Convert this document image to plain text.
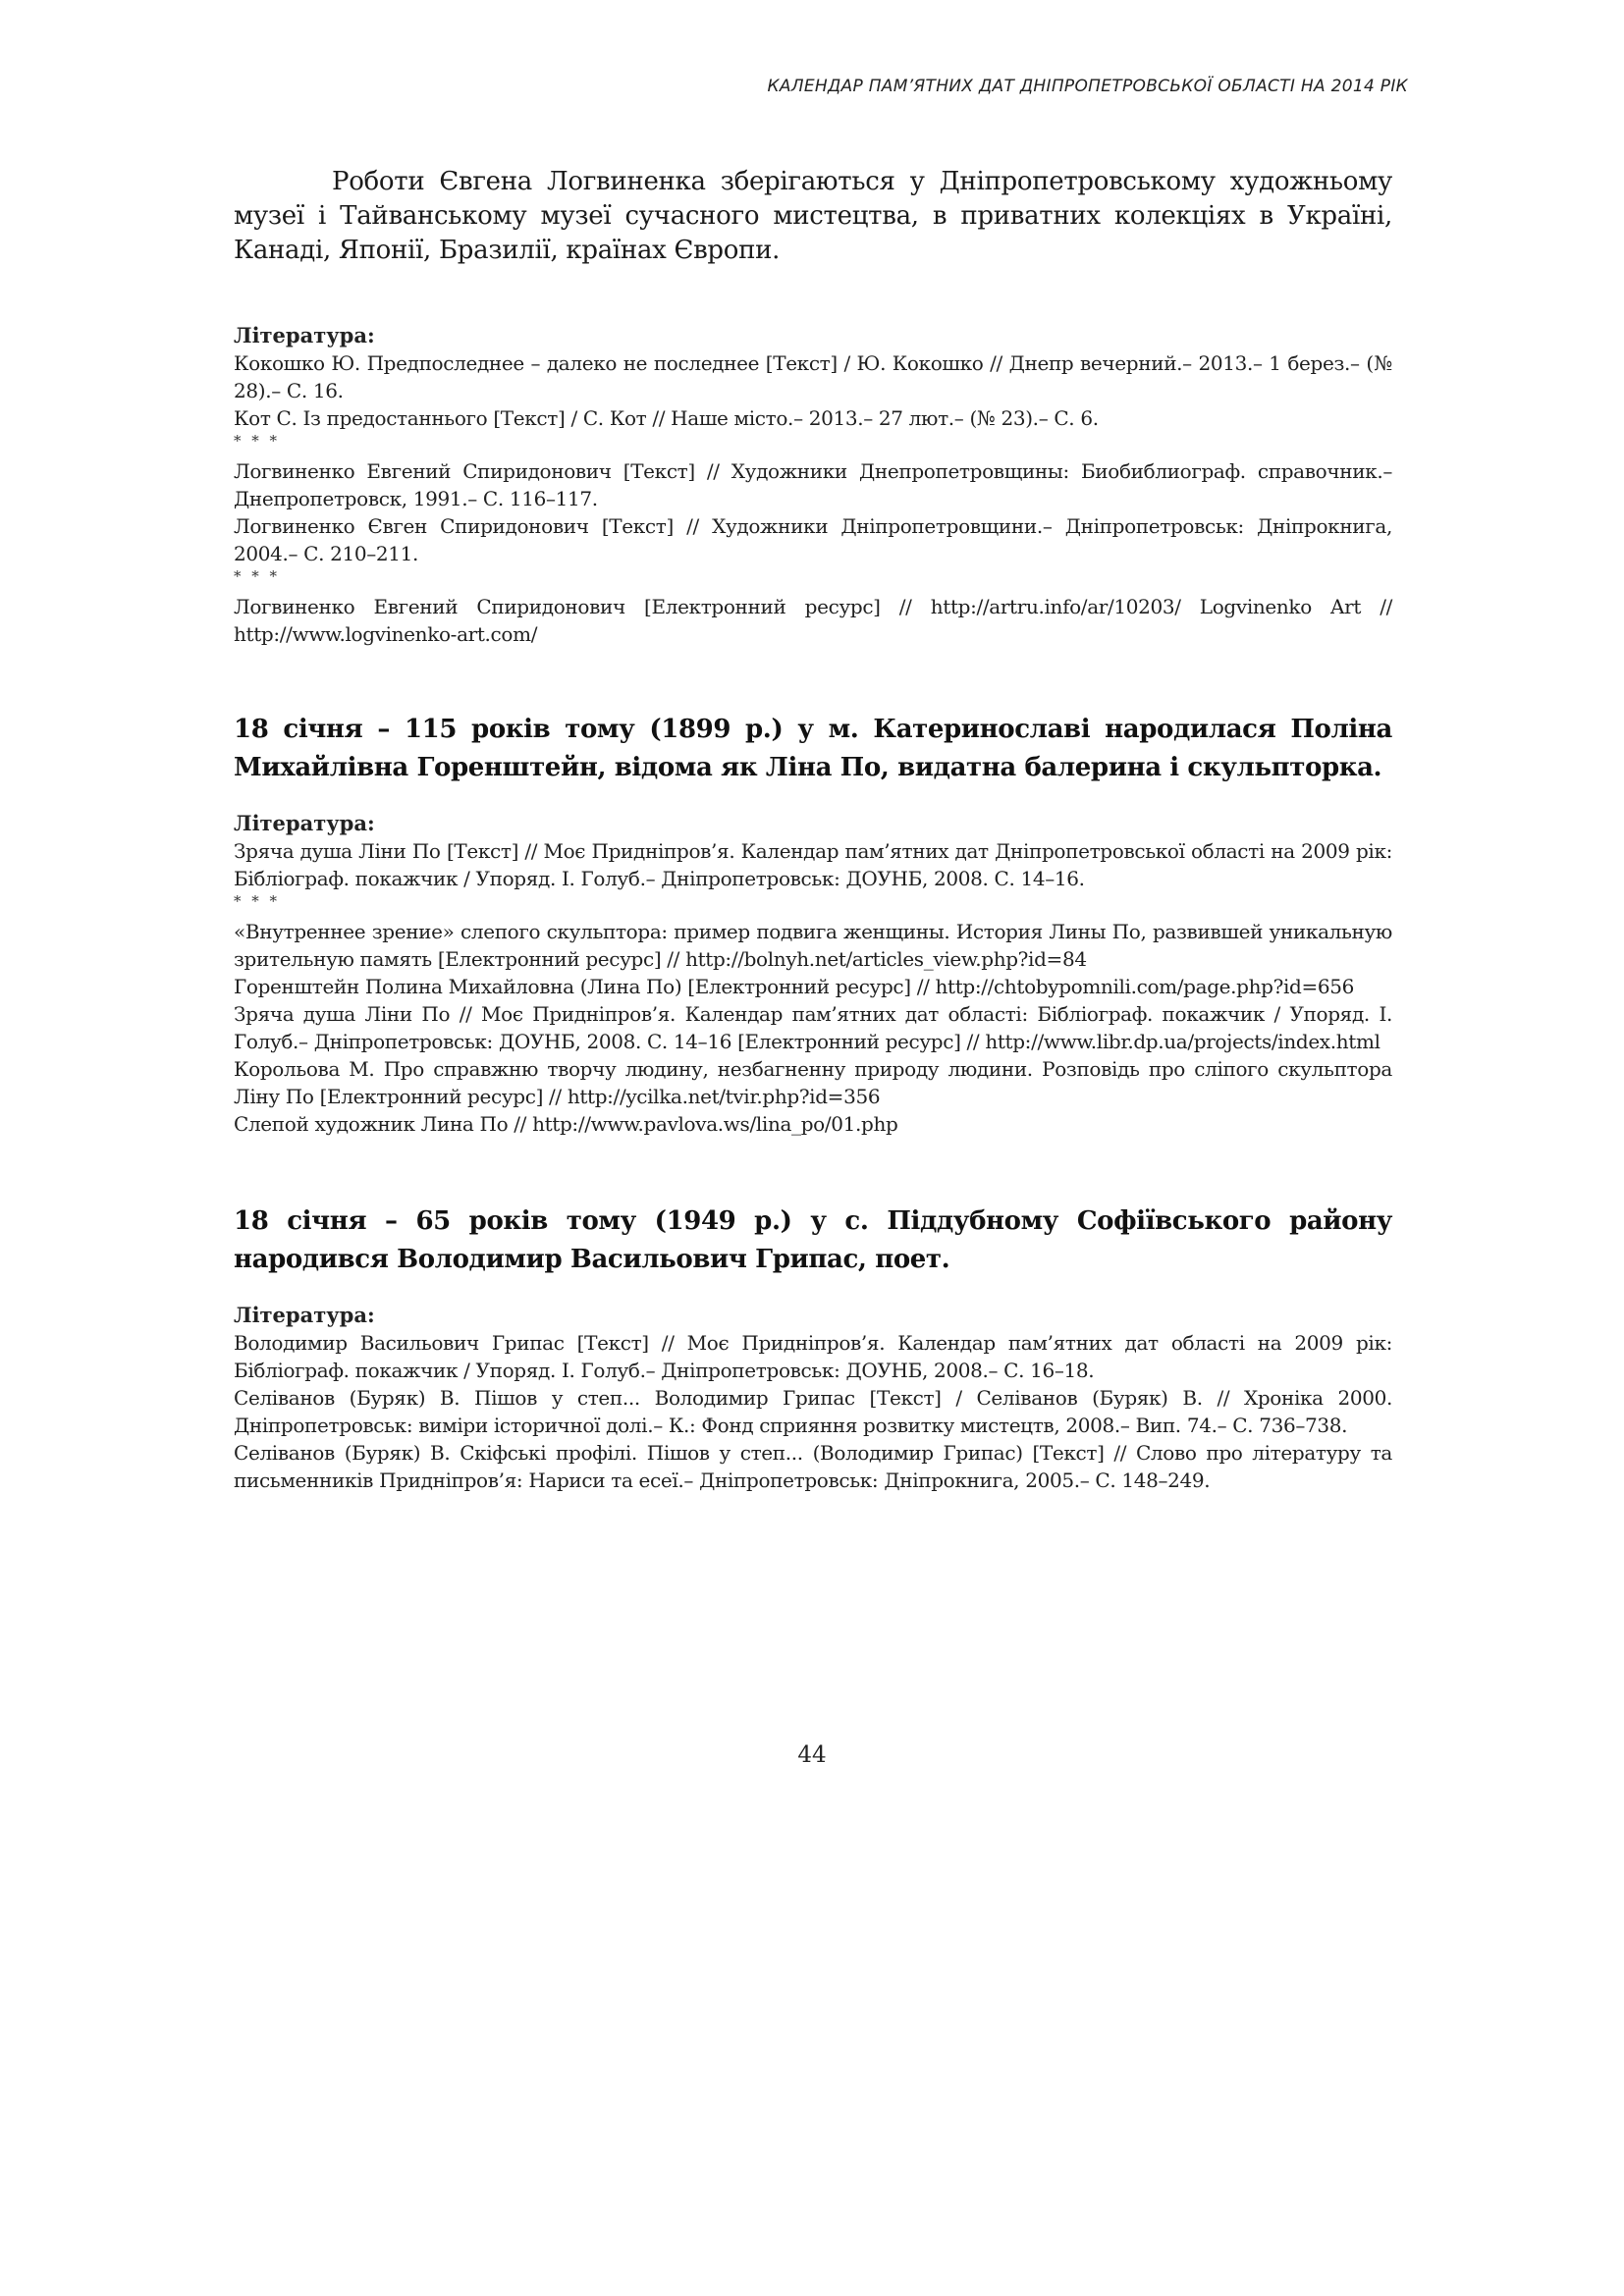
КАЛЕНДАР ПАМ’ЯТНИХ ДАТ ДНІПРОПЕТРОВСЬКОЇ ОБЛАСТІ НА 2014 РІК

Роботи Євгена Логвиненка зберігаються у Дніпропетровському художньому музеї і Тайванському музеї сучасного мистецтва, в приватних колекціях в Україні, Канаді, Японії, Бразилії, країнах Європи.

Література:

Кокошко Ю. Предпоследнее – далеко не последнее [Текст] / Ю. Кокошко // Днепр вечерний.– 2013.– 1 берез.– (№ 28).– С. 16.

Кот С. Із предостаннього [Текст] / С. Кот // Наше місто.– 2013.– 27 лют.– (№ 23).– С. 6.

* * *

Логвиненко Евгений Спиридонович [Текст] // Художники Днепропетровщины: Биобиблиограф. справочник.– Днепропетровск, 1991.– С. 116–117.

Логвиненко Євген Спиридонович [Текст] // Художники Дніпропетровщини.– Дніпропетровськ: Дніпрокнига, 2004.– С. 210–211.

* * *

Логвиненко Евгений Спиридонович [Електронний ресурс] // http://artru.info/ar/10203/ Logvinenko Art // http://www.logvinenko-art.com/

18 січня – 115 років тому (1899 р.) у м. Катеринославі народилася Поліна Михайлівна Горенштейн, відома як Ліна По, видатна балерина і скульпторка.

Література:

Зряча душа Ліни По [Текст] // Моє Придніпров’я. Календар пам’ятних дат Дніпропетровської області на 2009 рік: Бібліограф. покажчик / Упоряд. І. Голуб.– Дніпропетровськ: ДОУНБ, 2008. С. 14–16.

* * *

«Внутреннее зрение» слепого скульптора: пример подвига женщины. История Лины По, развившей уникальную зрительную память [Електронний ресурс] // http://bolnyh.net/articles_view.php?id=84

Горенштейн Полина Михайловна (Лина По) [Електронний ресурс] // http://chtobypomnili.com/page.php?id=656

Зряча душа Ліни По // Моє Придніпров’я. Календар пам’ятних дат області: Бібліограф. покажчик / Упоряд. І. Голуб.– Дніпропетровськ: ДОУНБ, 2008. С. 14–16 [Електронний ресурс] // http://www.libr.dp.ua/projects/index.html

Корольова М. Про справжню творчу людину, незбагненну природу людини. Розповідь про сліпого скульптора Ліну По [Електронний ресурс] // http://ycilka.net/tvir.php?id=356

Слепой художник Лина По // http://www.pavlova.ws/lina_po/01.php

18 січня – 65 років тому (1949 р.) у с. Піддубному Софіївського району народився Володимир Васильович Грипас, поет.

Література:

Володимир Васильович Грипас [Текст] // Моє Придніпров’я. Календар пам’ятних дат області на 2009 рік: Бібліограф. покажчик / Упоряд. І. Голуб.– Дніпропетровськ: ДОУНБ, 2008.– С. 16–18.

Селіванов (Буряк) В. Пішов у степ... Володимир Грипас [Текст] / Селіванов (Буряк) В. // Хроніка 2000. Дніпропетровськ: виміри історичної долі.– К.: Фонд сприяння розвитку мистецтв, 2008.– Вип. 74.– С. 736–738.

Селіванов (Буряк) В. Скіфські профілі. Пішов у степ... (Володимир Грипас) [Текст] // Слово про літературу та письменників Придніпров’я: Нариси та есеї.– Дніпропетровськ: Дніпрокнига, 2005.– С. 148–249.

44
